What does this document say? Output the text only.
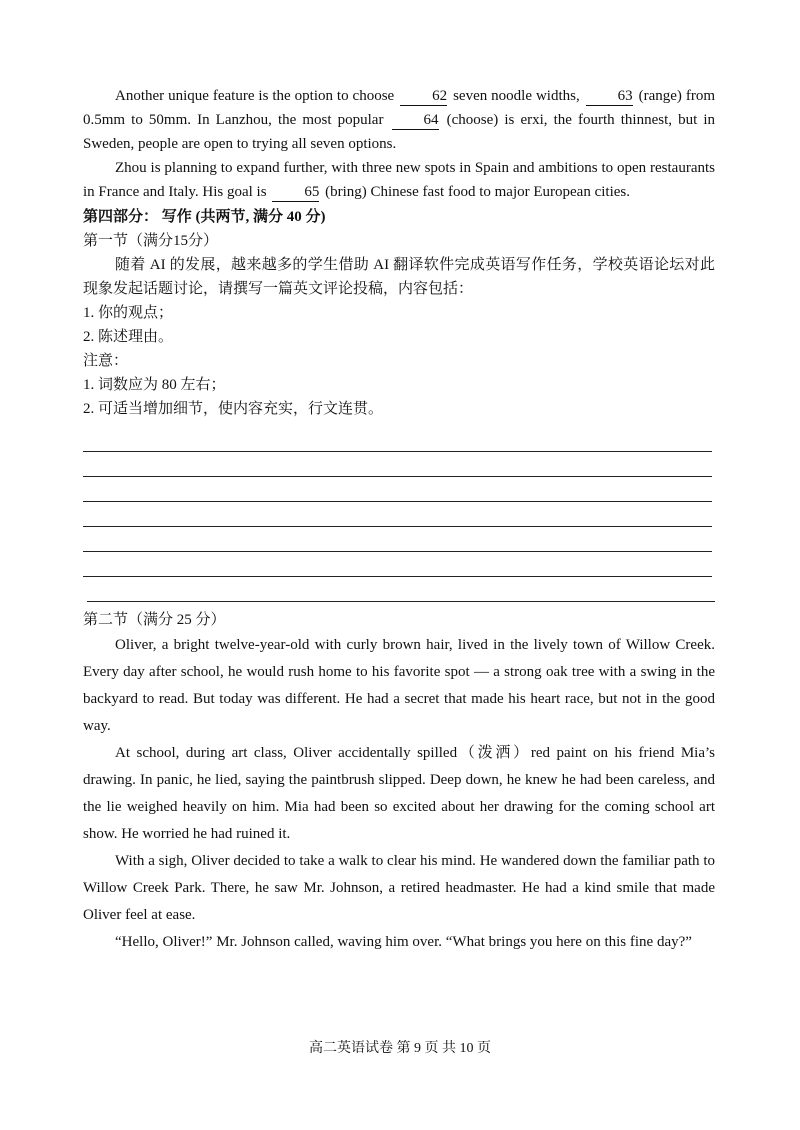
Another unique feature is the option to choose 62 seven noodle widths, 63 (range) from 0.5mm to 50mm. In Lanzhou, the most popular 64 (choose) is erxi, the fourth thinnest, but in Sweden, people are open to trying all seven options.

Zhou is planning to expand further, with three new spots in Spain and ambitions to open restaurants in France and Italy. His goal is 65 (bring) Chinese fast food to major European cities.

第四部分： 写作 (共两节, 满分 40 分)

第一节（满分15分）

随着 AI 的发展，越来越多的学生借助 AI 翻译软件完成英语写作任务，学校英语论坛对此现象发起话题讨论，请撰写一篇英文评论投稿，内容包括：

1. 你的观点；

2. 陈述理由。

注意：

1. 词数应为 80 左右；

2. 可适当增加细节，使内容充实，行文连贯。

第二节（满分 25 分）

Oliver, a bright twelve-year-old with curly brown hair, lived in the lively town of Willow Creek. Every day after school, he would rush home to his favorite spot — a strong oak tree with a swing in the backyard to read. But today was different. He had a secret that made his heart race, but not in the good way.

At school, during art class, Oliver accidentally spilled（泼洒）red paint on his friend Mia’s drawing. In panic, he lied, saying the paintbrush slipped. Deep down, he knew he had been careless, and the lie weighed heavily on him. Mia had been so excited about her drawing for the coming school art show. He worried he had ruined it.

With a sigh, Oliver decided to take a walk to clear his mind. He wandered down the familiar path to Willow Creek Park. There, he saw Mr. Johnson, a retired headmaster. He had a kind smile that made Oliver feel at ease.

“Hello, Oliver!” Mr. Johnson called, waving him over. “What brings you here on this fine day?”

高二英语试卷 第 9 页 共 10 页
